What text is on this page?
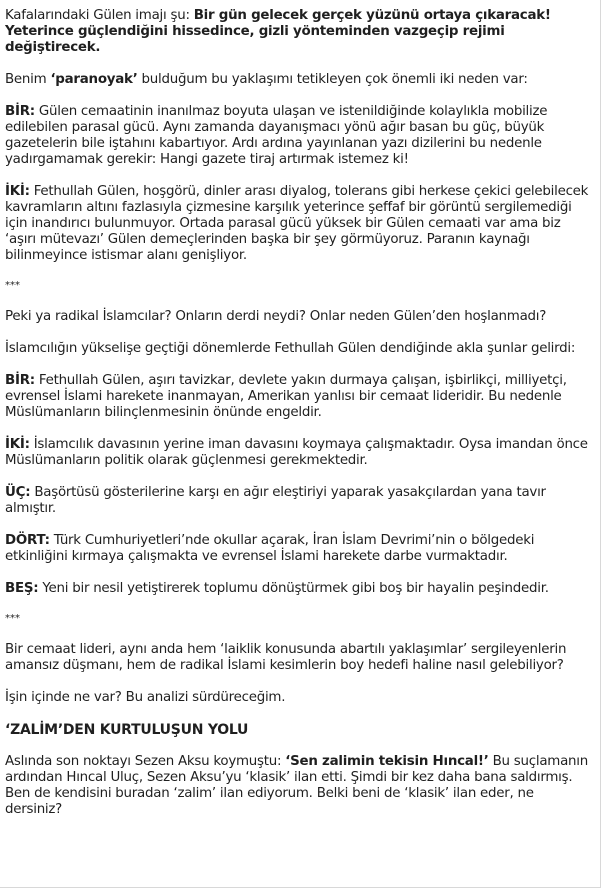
Kafalarındaki Gülen imajı şu: Bir gün gelecek gerçek yüzünü ortaya çıkaracak! Yeterince güçlendiğini hissedince, gizli yönteminden vazgeçip rejimi değiştirecek.

Benim ‘paranoyak’ bulduğum bu yaklaşımı tetikleyen çok önemli iki neden var:

BİR: Gülen cemaatinin inanılmaz boyuta ulaşan ve istenildiğinde kolaylıkla mobilize edilebilen parasal gücü. Aynı zamanda dayanışmacı yönü ağır basan bu güç, büyük gazetelerin bile iştahını kabartıyor. Ardı ardına yayınlanan yazı dizilerini bu nedenle yadırgamamak gerekir: Hangi gazete tiraj artırmak istemez ki!

İKİ: Fethullah Gülen, hoşgörü, dinler arası diyalog, tolerans gibi herkese çekici gelebilecek kavramların altını fazlasıyla çizmesine karşılık yeterince şeffaf bir görüntü sergilemediği için inandırıcı bulunmuyor. Ortada parasal gücü yüksek bir Gülen cemaati var ama biz ‘aşırı mütevazı’ Gülen demeçlerinden başka bir şey görmüyoruz. Paranın kaynağı bilinmeyince istismar alanı genişliyor.

***

Peki ya radikal İslamcılar? Onların derdi neydi? Onlar neden Gülen’den hoşlanmadı?

İslamcılığın yükselişe geçtiği dönemlerde Fethullah Gülen dendiğinde akla şunlar gelirdi:

BİR: Fethullah Gülen, aşırı tavizkar, devlete yakın durmaya çalışan, işbirlikçi, milliyetçi, evrensel İslami harekete inanmayan, Amerikan yanlısı bir cemaat lideridir. Bu nedenle Müslümanların bilinçlenmesinin önünde engeldir.

İKİ: İslamcılık davasının yerine iman davasını koymaya çalışmaktadır. Oysa imandan önce Müslümanların politik olarak güçlenmesi gerekmektedir.

ÜÇ: Başörtüsü gösterilerine karşı en ağır eleştiriyi yaparak yasakçılardan yana tavır almıştır.

DÖRT: Türk Cumhuriyetleri’nde okullar açarak, İran İslam Devrimi’nin o bölgedeki etkinliğini kırmaya çalışmakta ve evrensel İslami harekete darbe vurmaktadır.

BEŞ: Yeni bir nesil yetiştirerek toplumu dönüştürmek gibi boş bir hayalin peşindedir.

***

Bir cemaat lideri, aynı anda hem ‘laiklik konusunda abartılı yaklaşımlar’ sergileyenlerin amansız düşmanı, hem de radikal İslami kesimlerin boy hedefi haline nasıl gelebiliyor?

İşin içinde ne var? Bu analizi sürdüreceğim.

‘ZALİM’DEN KURTULUŞUN YOLU

Aslında son noktayı Sezen Aksu koymuştu: ‘Sen zalimin tekisin Hıncal!’ Bu suçlamanın ardından Hıncal Uluç, Sezen Aksu’yu ‘klasik’ ilan etti. Şimdi bir kez daha bana saldırmış. Ben de kendisini buradan ‘zalim’ ilan ediyorum. Belki beni de ‘klasik’ ilan eder, ne dersiniz?
